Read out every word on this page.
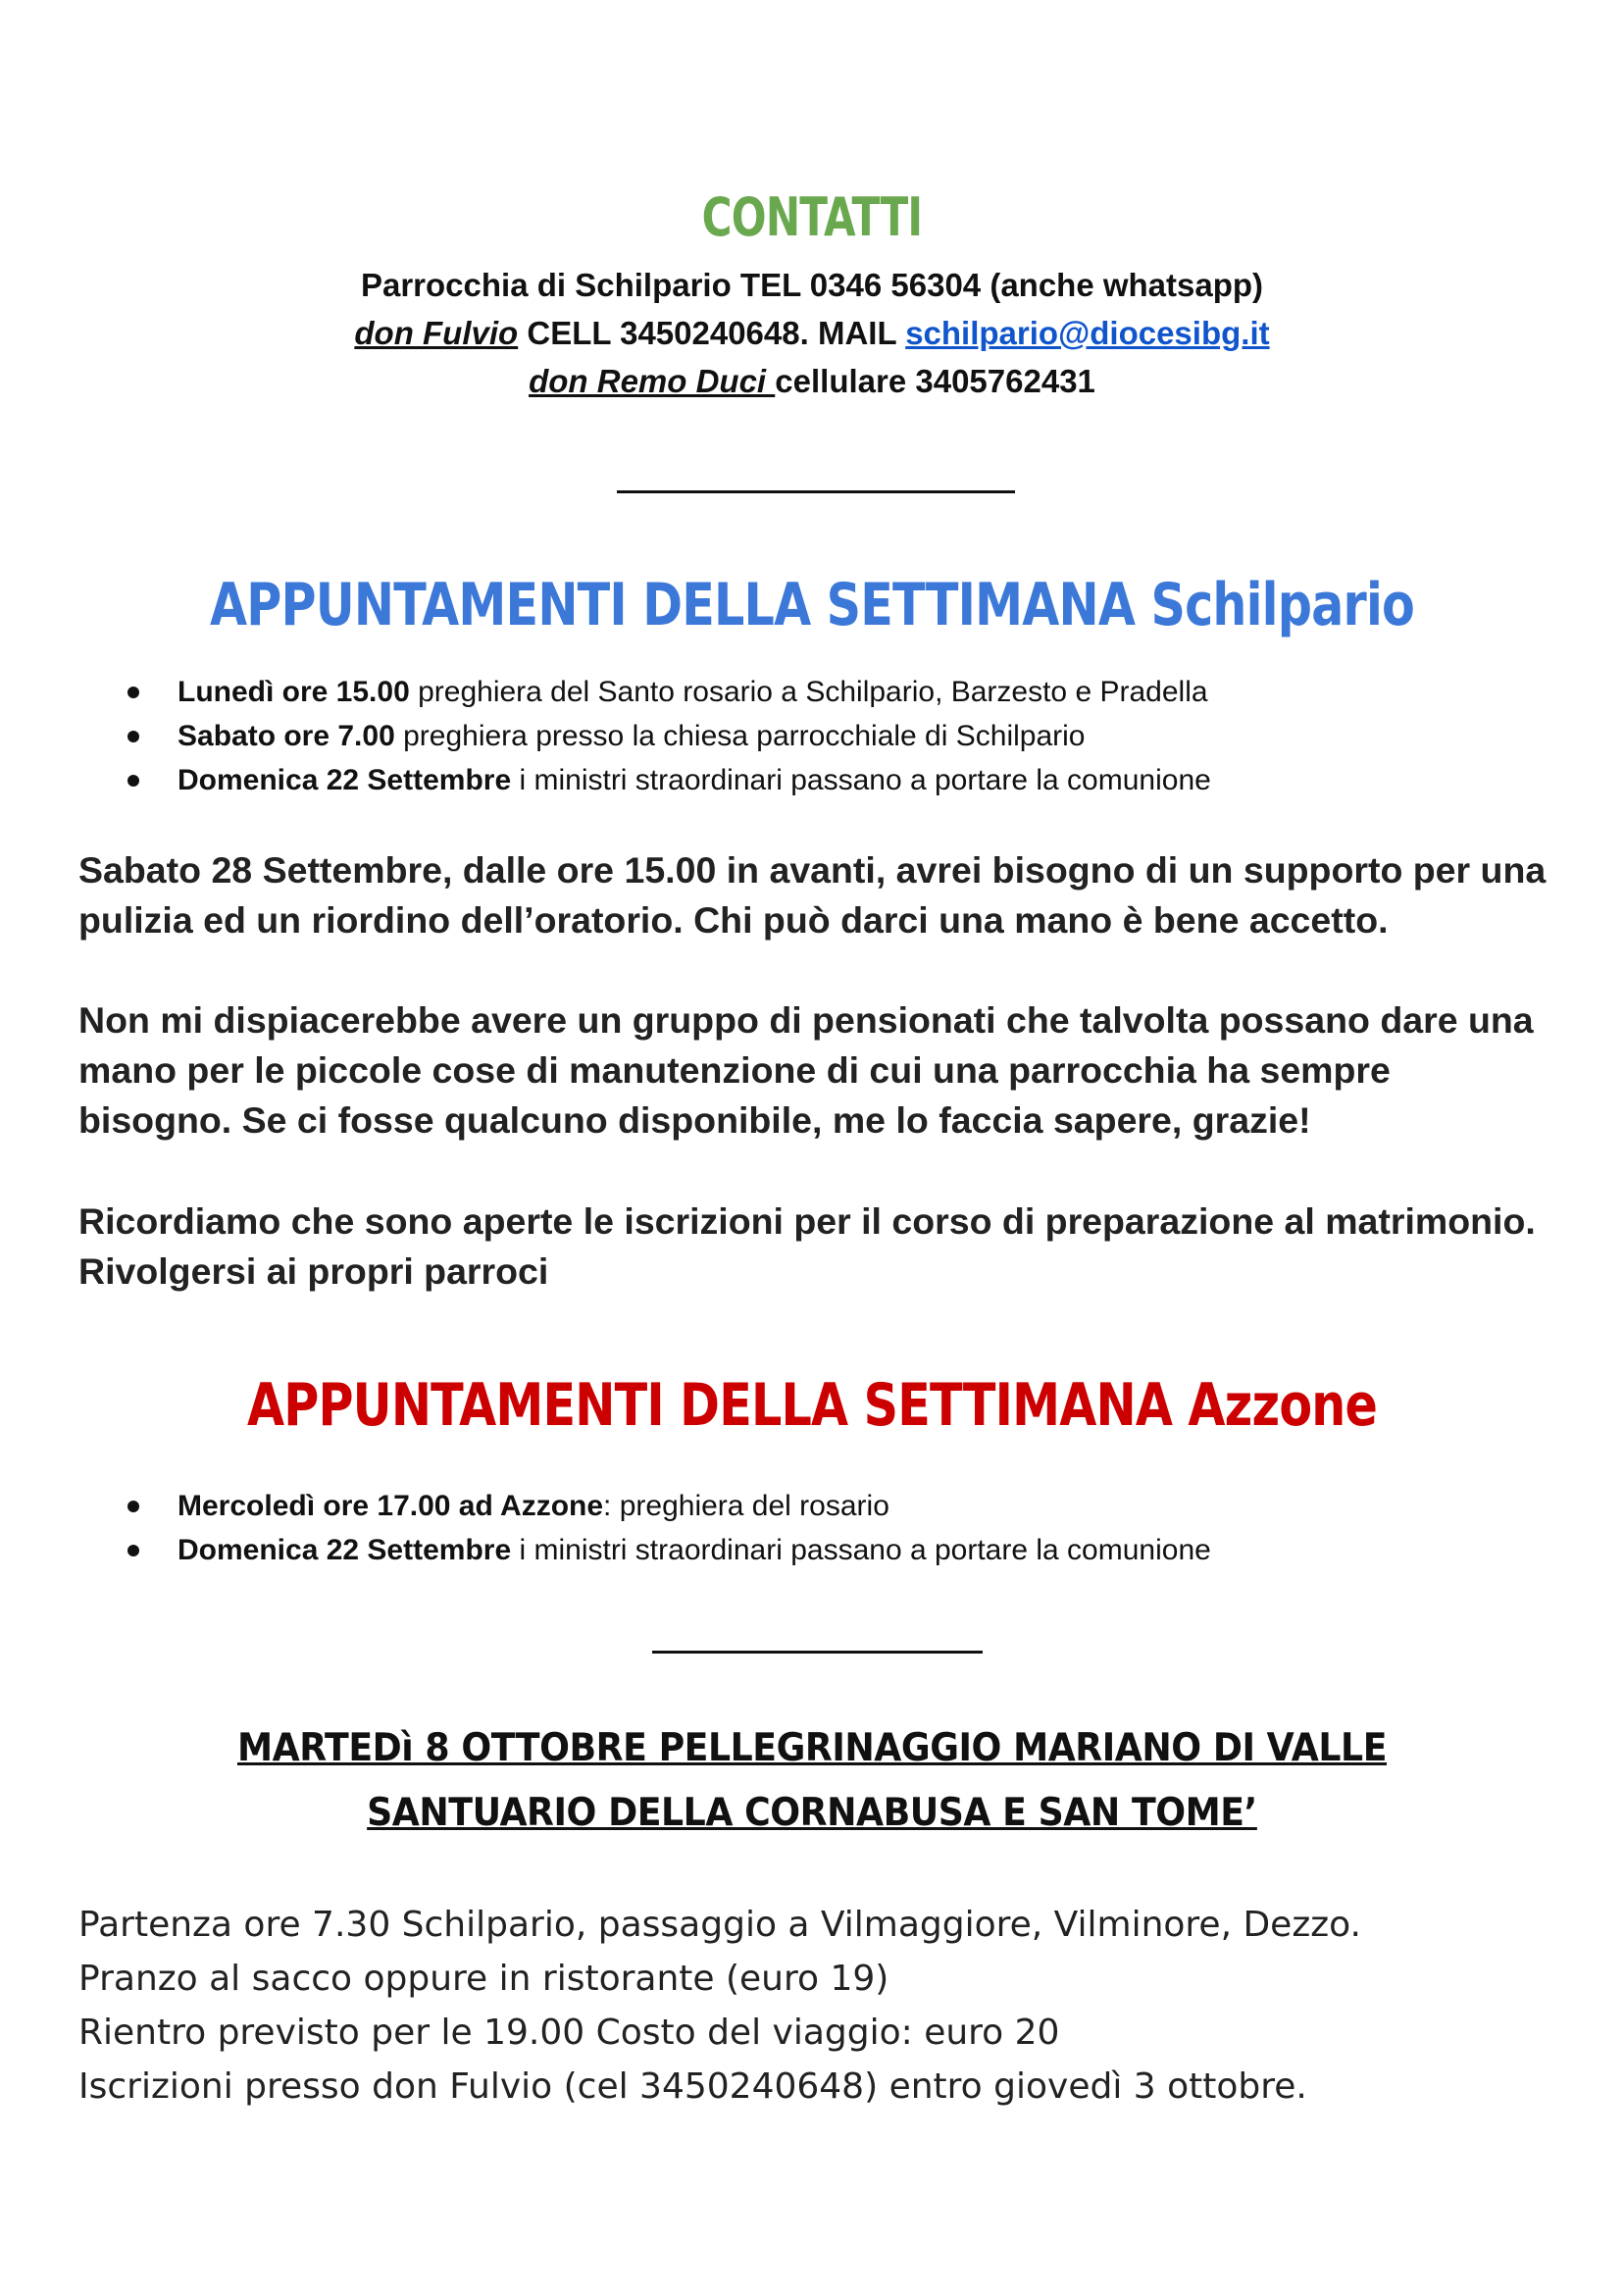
CONTATTI
Parrocchia di Schilpario TEL 0346 56304 (anche whatsapp)
don Fulvio CELL 3450240648. MAIL schilpario@diocesibg.it
don Remo Duci cellulare 3405762431
APPUNTAMENTI DELLA SETTIMANA Schilpario
Lunedì ore 15.00 preghiera del Santo rosario a Schilpario, Barzesto e Pradella
Sabato ore 7.00 preghiera presso la chiesa parrocchiale di Schilpario
Domenica 22 Settembre i ministri straordinari passano a portare la comunione
Sabato 28 Settembre, dalle ore 15.00 in avanti, avrei bisogno di un supporto per una pulizia ed un riordino dell’oratorio. Chi può darci una mano è bene accetto.
Non mi dispiacerebbe avere un gruppo di pensionati che talvolta possano dare una mano per le piccole cose di manutenzione di cui una parrocchia ha sempre bisogno. Se ci fosse qualcuno disponibile, me lo faccia sapere, grazie!
Ricordiamo che sono aperte le iscrizioni per il corso di preparazione al matrimonio. Rivolgersi ai propri parroci
APPUNTAMENTI DELLA SETTIMANA Azzone
Mercoledì ore 17.00 ad Azzone: preghiera del rosario
Domenica 22 Settembre i ministri straordinari passano a portare la comunione
MARTEDì 8 OTTOBRE PELLEGRINAGGIO MARIANO DI VALLE
SANTUARIO DELLA CORNABUSA E SAN TOME’
Partenza ore 7.30 Schilpario, passaggio a Vilmaggiore, Vilminore, Dezzo.
Pranzo al sacco oppure in ristorante (euro 19)
Rientro previsto per le 19.00 Costo del viaggio: euro 20
Iscrizioni presso don Fulvio (cel 3450240648) entro giovedì 3 ottobre.
